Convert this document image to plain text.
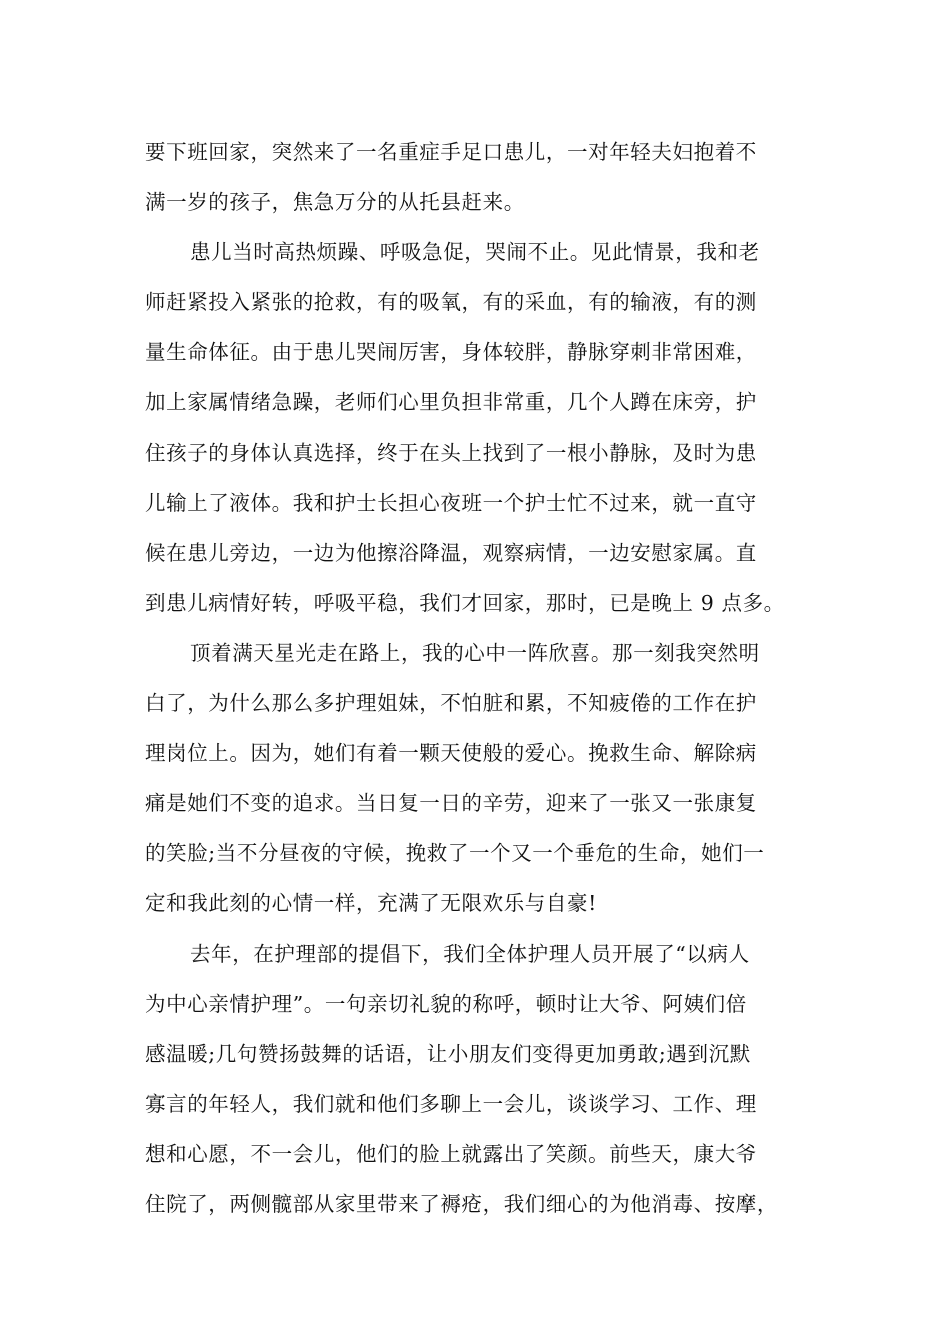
要下班回家，突然来了一名重症手足口患儿，一对年轻夫妇抱着不
满一岁的孩子，焦急万分的从托县赶来。
患儿当时高热烦躁、呼吸急促，哭闹不止。见此情景，我和老
师赶紧投入紧张的抢救，有的吸氧，有的采血，有的输液，有的测
量生命体征。由于患儿哭闹厉害，身体较胖，静脉穿刺非常困难，
加上家属情绪急躁，老师们心里负担非常重，几个人蹲在床旁，护
住孩子的身体认真选择，终于在头上找到了一根小静脉，及时为患
儿输上了液体。我和护士长担心夜班一个护士忙不过来，就一直守
候在患儿旁边，一边为他擦浴降温，观察病情，一边安慰家属。直
到患儿病情好转，呼吸平稳，我们才回家，那时，已是晚上 9 点多。
顶着满天星光走在路上，我的心中一阵欣喜。那一刻我突然明
白了，为什么那么多护理姐妹，不怕脏和累，不知疲倦的工作在护
理岗位上。因为，她们有着一颗天使般的爱心。挽救生命、解除病
痛是她们不变的追求。当日复一日的辛劳，迎来了一张又一张康复
的笑脸;当不分昼夜的守候，挽救了一个又一个垂危的生命，她们一
定和我此刻的心情一样，充满了无限欢乐与自豪!
去年，在护理部的提倡下，我们全体护理人员开展了“以病人
为中心亲情护理”。一句亲切礼貌的称呼，顿时让大爷、阿姨们倍
感温暖;几句赞扬鼓舞的话语，让小朋友们变得更加勇敢;遇到沉默
寡言的年轻人，我们就和他们多聊上一会儿，谈谈学习、工作、理
想和心愿，不一会儿，他们的脸上就露出了笑颜。前些天，康大爷
住院了，两侧髋部从家里带来了褥疮，我们细心的为他消毒、按摩，
